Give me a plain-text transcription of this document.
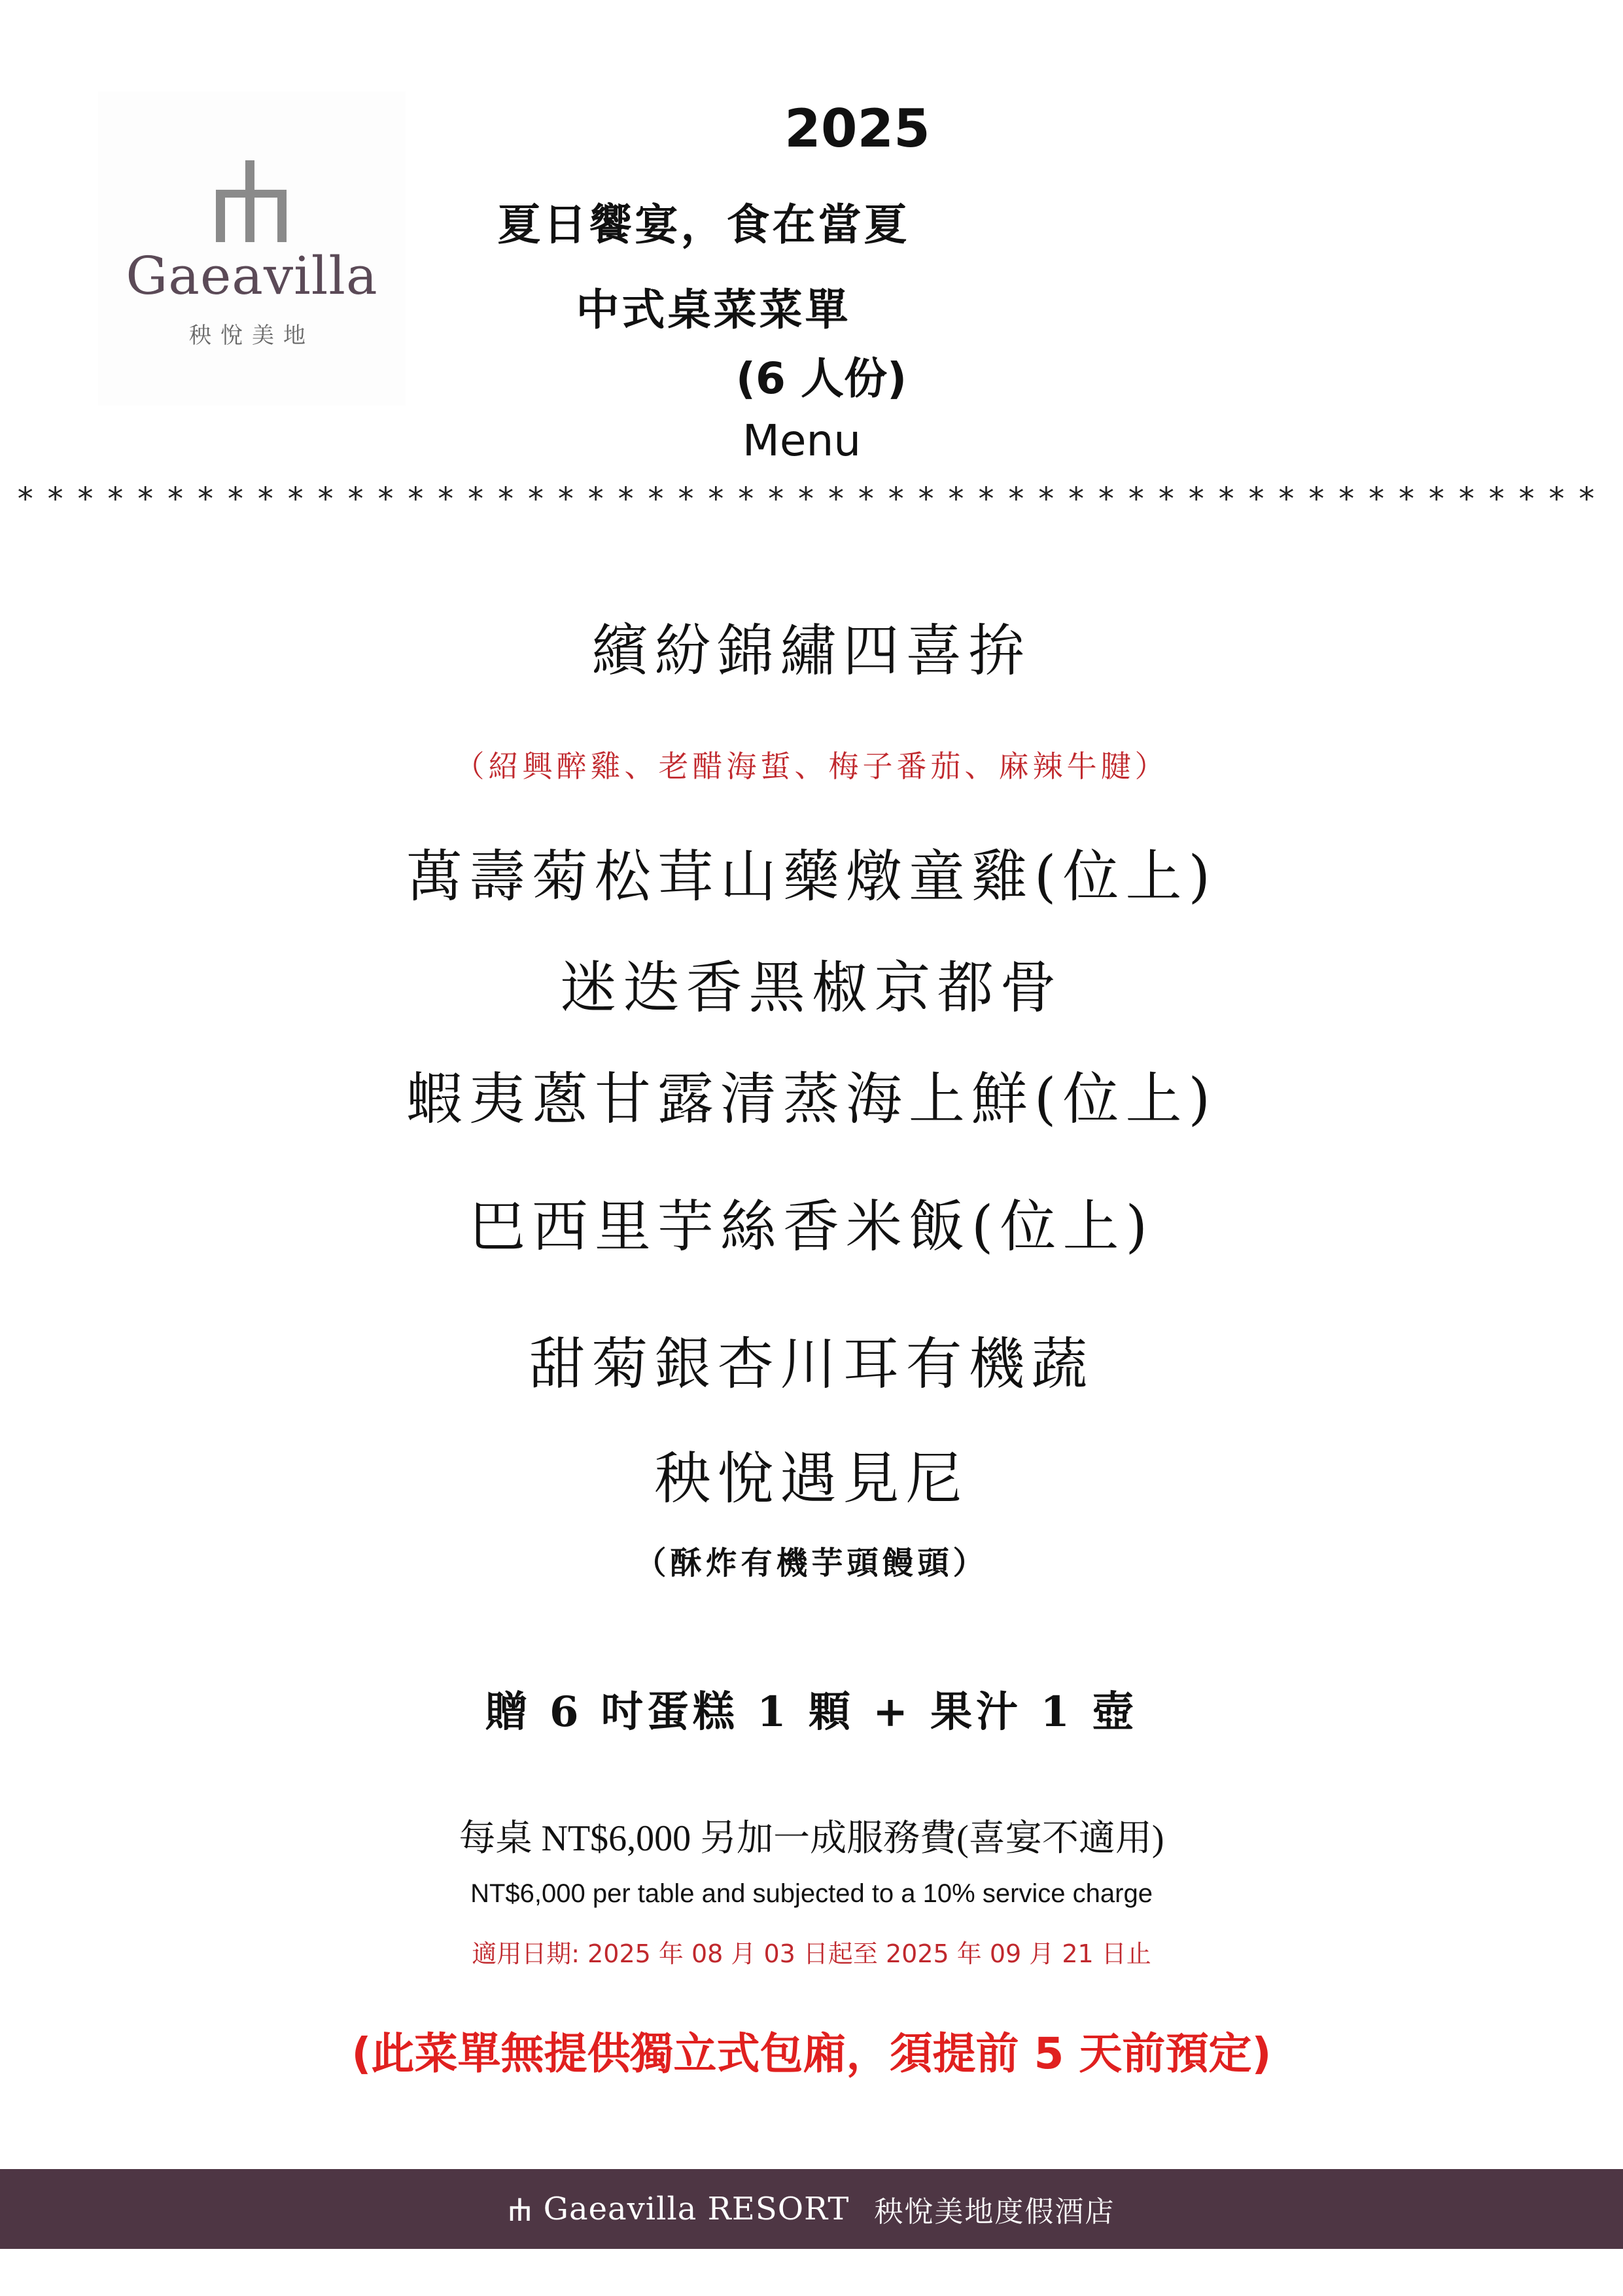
Gaeavilla
秧悅美地
2025
夏日饗宴，食在當夏
中式桌菜菜單
(6 人份)
Menu
*****************************************************
繽紛錦繡四喜拚
（紹興醉雞、老醋海蜇、梅子番茄、麻辣牛腱）
萬壽菊松茸山藥燉童雞(位上)
迷迭香黑椒京都骨
蝦夷蔥甘露清蒸海上鮮(位上)
巴西里芋絲香米飯(位上)
甜菊銀杏川耳有機蔬
秧悅遇見尼
（酥炸有機芋頭饅頭）
贈 6 吋蛋糕 1 顆 + 果汁 1 壺
每桌 NT$6,000 另加一成服務費(喜宴不適用)
NT$6,000 per table and subjected to a 10% service charge
適用日期: 2025 年 08 月 03 日起至 2025 年 09 月 21 日止
(此菜單無提供獨立式包廂，須提前 5 天前預定)
Gaeavilla RESORT 秧悅美地度假酒店
